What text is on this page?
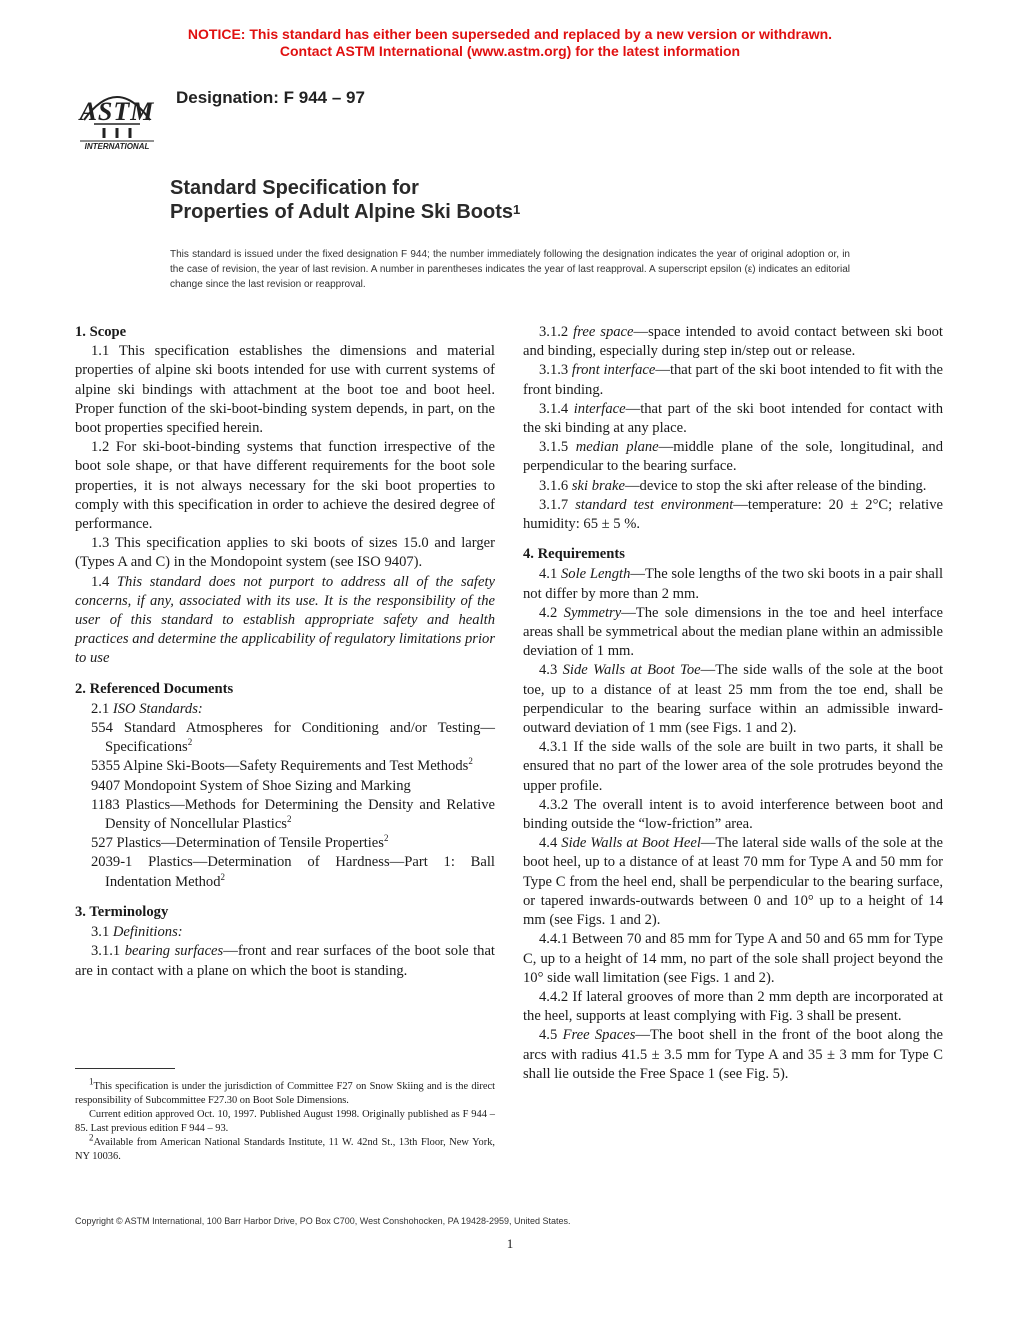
NOTICE: This standard has either been superseded and replaced by a new version or withdrawn.
Contact ASTM International (www.astm.org) for the latest information
ASTM
INTERNATIONAL
Designation: F 944 – 97
Standard Specification for
Properties of Adult Alpine Ski Boots$^1$
This standard is issued under the fixed designation F 944; the number immediately following the designation indicates the year of original adoption or, in the case of revision, the year of last revision. A number in parentheses indicates the year of last reapproval. A superscript epsilon (ε) indicates an editorial change since the last revision or reapproval.
1. Scope

1.1 This specification establishes the dimensions and material properties of alpine ski boots intended for use with current systems of alpine ski bindings with attachment at the boot toe and boot heel. Proper function of the ski-boot-binding system depends, in part, on the boot properties specified herein.

1.2 For ski-boot-binding systems that function irrespective of the boot sole shape, or that have different requirements for the boot sole properties, it is not always necessary for the ski boot properties to comply with this specification in order to achieve the desired degree of performance.

1.3 This specification applies to ski boots of sizes 15.0 and larger (Types A and C) in the Mondopoint system (see ISO 9407).

1.4 This standard does not purport to address all of the safety concerns, if any, associated with its use. It is the responsibility of the user of this standard to establish appropriate safety and health practices and determine the applicability of regulatory limitations prior to use

2. Referenced Documents

2.1 ISO Standards:

554 Standard Atmospheres for Conditioning and/or Testing—Specifications$^2$

5355 Alpine Ski-Boots—Safety Requirements and Test Methods$^2$

9407 Mondopoint System of Shoe Sizing and Marking

1183 Plastics—Methods for Determining the Density and Relative Density of Noncellular Plastics$^2$

527 Plastics—Determination of Tensile Properties$^2$

2039-1 Plastics—Determination of Hardness—Part 1: Ball Indentation Method$^2$

3. Terminology

3.1 Definitions:

3.1.1 bearing surfaces—front and rear surfaces of the boot sole that are in contact with a plane on which the boot is standing.

3.1.2 free space—space intended to avoid contact between ski boot and binding, especially during step in/step out or release.

3.1.3 front interface—that part of the ski boot intended to fit with the front binding.

3.1.4 interface—that part of the ski boot intended for contact with the ski binding at any place.

3.1.5 median plane—middle plane of the sole, longitudinal, and perpendicular to the bearing surface.

3.1.6 ski brake—device to stop the ski after release of the binding.

3.1.7 standard test environment—temperature: 20 ± 2°C; relative humidity: 65 ± 5 %.

4. Requirements

4.1 Sole Length—The sole lengths of the two ski boots in a pair shall not differ by more than 2 mm.

4.2 Symmetry—The sole dimensions in the toe and heel interface areas shall be symmetrical about the median plane within an admissible deviation of 1 mm.

4.3 Side Walls at Boot Toe—The side walls of the sole at the boot toe, up to a distance of at least 25 mm from the toe end, shall be perpendicular to the bearing surface within an admissible inward-outward deviation of 1 mm (see Figs. 1 and 2).

4.3.1 If the side walls of the sole are built in two parts, it shall be ensured that no part of the lower area of the sole protrudes beyond the upper profile.

4.3.2 The overall intent is to avoid interference between boot and binding outside the “low-friction” area.

4.4 Side Walls at Boot Heel—The lateral side walls of the sole at the boot heel, up to a distance of at least 70 mm for Type A and 50 mm for Type C from the heel end, shall be perpendicular to the bearing surface, or tapered inwards-outwards between 0 and 10° up to a height of 14 mm (see Figs. 1 and 2).

4.4.1 Between 70 and 85 mm for Type A and 50 and 65 mm for Type C, up to a height of 14 mm, no part of the sole shall project beyond the 10° side wall limitation (see Figs. 1 and 2).

4.4.2 If lateral grooves of more than 2 mm depth are incorporated at the heel, supports at least complying with Fig. 3 shall be present.

4.5 Free Spaces—The boot shell in the front of the boot along the arcs with radius 41.5 ± 3.5 mm for Type A and 35 ± 3 mm for Type C shall lie outside the Free Space 1 (see Fig. 5).

$^1$This specification is under the jurisdiction of Committee F27 on Snow Skiing and is the direct responsibility of Subcommittee F27.30 on Boot Sole Dimensions.

Current edition approved Oct. 10, 1997. Published August 1998. Originally published as F 944 – 85. Last previous edition F 944 – 93.

$^2$Available from American National Standards Institute, 11 W. 42nd St., 13th Floor, New York, NY 10036.

Copyright © ASTM International, 100 Barr Harbor Drive, PO Box C700, West Conshohocken, PA 19428-2959, United States.
1
